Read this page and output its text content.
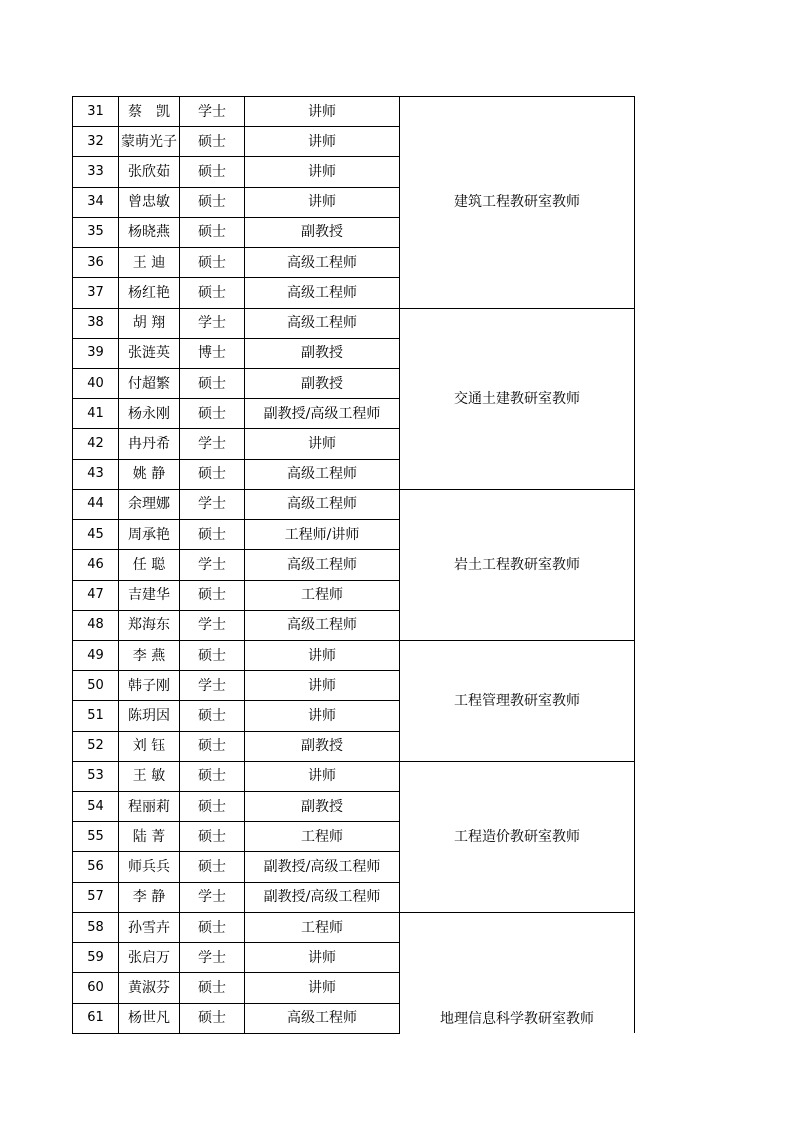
31	蔡　凯	学士	讲师	建筑工程教研室教师
32	蒙萌光子	硕士	讲师	
33	张欣茹	硕士	讲师	
34	曾忠敏	硕士	讲师	
35	杨晓燕	硕士	副教授	
36	王 迪	硕士	高级工程师	
37	杨红艳	硕士	高级工程师	
38	胡 翔	学士	高级工程师	交通土建教研室教师
39	张涟英	博士	副教授	
40	付超繁	硕士	副教授	
41	杨永刚	硕士	副教授/高级工程师	
42	冉丹希	学士	讲师	
43	姚 静	硕士	高级工程师	
44	余理娜	学士	高级工程师	岩土工程教研室教师
45	周承艳	硕士	工程师/讲师	
46	任 聪	学士	高级工程师	
47	吉建华	硕士	工程师	
48	郑海东	学士	高级工程师	
49	李 燕	硕士	讲师	工程管理教研室教师
50	韩子刚	学士	讲师	
51	陈玥因	硕士	讲师	
52	刘 钰	硕士	副教授	
53	王 敏	硕士	讲师	工程造价教研室教师
54	程丽莉	硕士	副教授	
55	陆 菁	硕士	工程师	
56	师兵兵	硕士	副教授/高级工程师	
57	李 静	学士	副教授/高级工程师	
58	孙雪卉	硕士	工程师	地理信息科学教研室教师
59	张启万	学士	讲师	
60	黄淑芬	硕士	讲师	
61	杨世凡	硕士	高级工程师	
